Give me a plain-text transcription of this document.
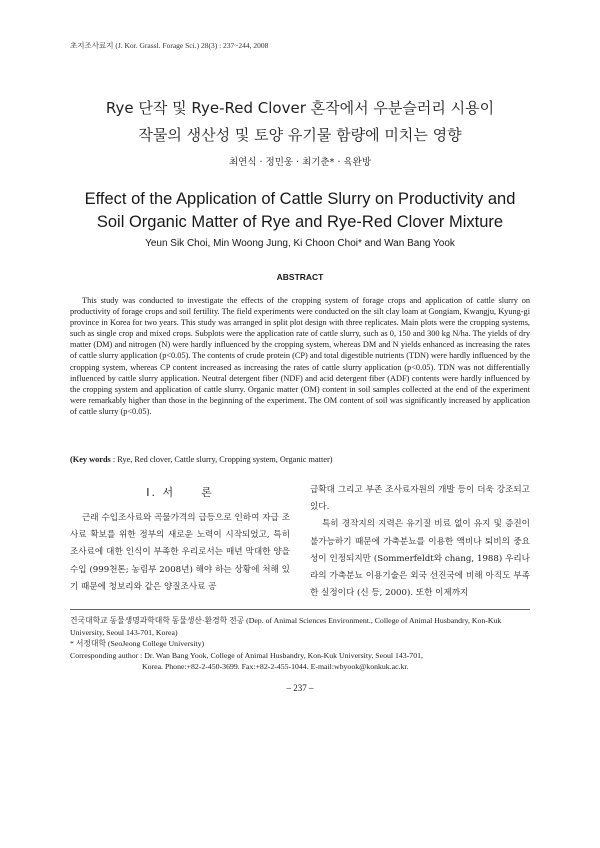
초지조사료지 (J. Kor. Grassl. Forage Sci.) 28(3) : 237~244, 2008
Rye 단작 및 Rye-Red Clover 혼작에서 우분슬러리 시용이
작물의 생산성 및 토양 유기물 함량에 미치는 영향
최연식 · 정민웅 · 최기춘* · 육완방
Effect of the Application of Cattle Slurry on Productivity and
Soil Organic Matter of Rye and Rye-Red Clover Mixture
Yeun Sik Choi, Min Woong Jung, Ki Choon Choi* and Wan Bang Yook
ABSTRACT

This study was conducted to investigate the effects of the cropping system of forage crops and application of cattle slurry on productivity of forage crops and soil fertility. The field experiments were conducted on the silt clay loam at Gongiam, Kwangju, Kyung-gi province in Korea for two years. This study was arranged in split plot design with three replicates. Main plots were the cropping systems, such as single crop and mixed crops. Subplots were the application rate of cattle slurry, such as 0, 150 and 300 kg N/ha. The yields of dry matter (DM) and nitrogen (N) were hardly influenced by the cropping system, whereas DM and N yields enhanced as increasing the rates of cattle slurry application (p<0.05). The contents of crude protein (CP) and total digestible nutrients (TDN) were hardly influenced by the cropping system, whereas CP content increased as increasing the rates of cattle slurry application (p<0.05). TDN was not differentially influenced by cattle slurry application. Neutral detergent fiber (NDF) and acid detergent fiber (ADF) contents were hardly influenced by the cropping system and application of cattle slurry. Organic matter (OM) content in soil samples collected at the end of the experiment were remarkably higher than those in the beginning of the experiment. The OM content of soil was significantly increased by application of cattle slurry (p<0.05).

(Key words : Rye, Red clover, Cattle slurry, Cropping system, Organic matter)
Ⅰ. 서　　론

근래 수입조사료와 곡물가격의 급등으로 인하여 자급 조사료 확보를 위한 정부의 새로운 노력이 시작되었고, 특히 조사료에 대한 인식이 부족한 우리로서는 매년 막대한 양을 수입 (999천톤; 농림부 2008년) 해야 하는 상황에 처해 있기 때문에 청보리와 같은 양질조사료 공

급확대 그리고 부존 조사료자원의 개발 등이 더욱 강조되고 있다.

특히 경작지의 지력은 유기질 비료 없이 유지 및 증진이 불가능하기 때문에 가축분뇨를 이용한 액비나 퇴비의 중요성이 인정되지만 (Sommerfeldt와 chang, 1988) 우리나라의 가축분뇨 이용기술은 외국 선진국에 비해 아직도 부족한 실정이다 (신 등, 2000). 또한 이제까지

건국대학교 동물생명과학대학 동물생산·환경학 전공 (Dep. of Animal Sciences Environment., College of Animal Husbandry, Kon-Kuk University, Seoul 143-701, Korea)

* 서정대학 (SeoJeong College University)

Corresponding author : Dr. Wan Bang Yook, College of Animal Husbandry, Kon-Kuk University, Seoul 143-701,

Korea. Phone:+82-2-450-3699. Fax:+82-2-455-1044. E-mail:wbyook@konkuk.ac.kr.

– 237 –
